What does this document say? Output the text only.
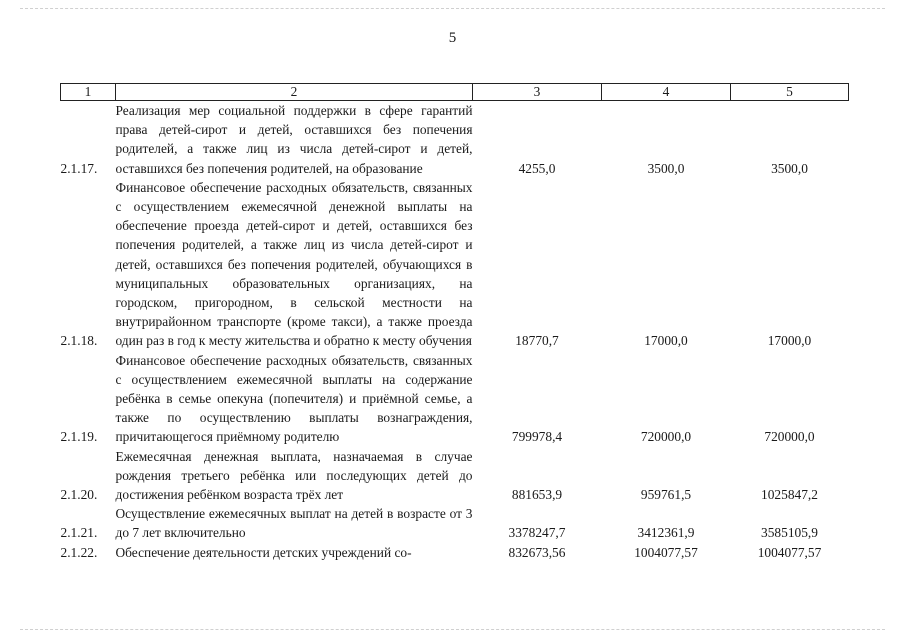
5
1	2	3	4	5
2.1.17.	Реализация мер социальной поддержки в сфере гарантий права детей-сирот и детей, оставшихся без попечения родителей, а также лиц из числа детей-сирот и детей, оставшихся без попечения родителей, на образование	4255,0	3500,0	3500,0
2.1.18.	Финансовое обеспечение расходных обязательств, связанных с осуществлением ежемесячной денежной выплаты на обеспечение проезда детей-сирот и детей, оставшихся без попечения родителей, а также лиц из числа детей-сирот и детей, оставшихся без попечения родителей, обучающихся в муниципальных образовательных организациях, на городском, пригородном, в сельской местности на внутрирайонном транспорте (кроме такси), а также проезда один раз в год к месту жительства и обратно к месту обучения	18770,7	17000,0	17000,0
2.1.19.	Финансовое обеспечение расходных обязательств, связанных с осуществлением ежемесячной выплаты на содержание ребёнка в семье опекуна (попечителя) и приёмной семье, а также по осуществлению выплаты вознаграждения, причитающегося приёмному родителю	799978,4	720000,0	720000,0
2.1.20.	Ежемесячная денежная выплата, назначаемая в случае рождения третьего ребёнка или последующих детей до достижения ребёнком возраста трёх лет	881653,9	959761,5	1025847,2
2.1.21.	Осуществление ежемесячных выплат на детей в возрасте от 3 до 7 лет включительно	3378247,7	3412361,9	3585105,9
2.1.22.	Обеспечение деятельности детских учреждений со-	832673,56	1004077,57	1004077,57
